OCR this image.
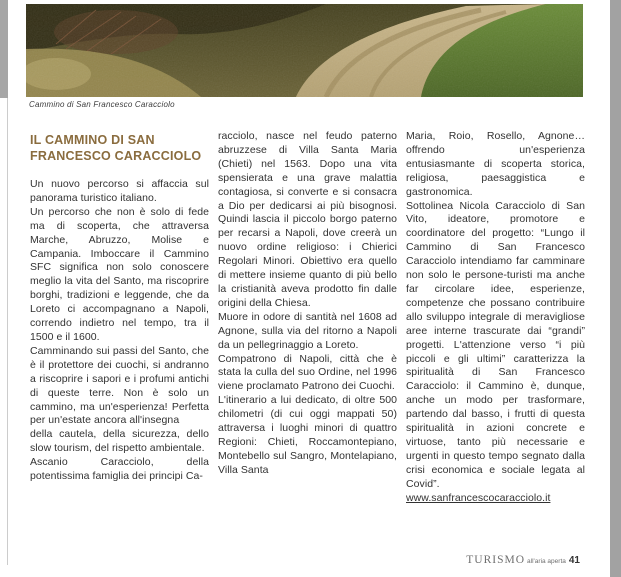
Cammino di San Francesco Caracciolo
IL CAMMINO DI SAN
FRANCESCO CARACCIOLO

Un nuovo percorso si affaccia sul panorama turistico italiano.

Un percorso che non è solo di fede ma di scoperta, che attraversa Marche, Abruzzo, Molise e Campania. Imboccare il Cammino SFC significa non solo conoscere meglio la vita del Santo, ma riscoprire borghi, tradizioni e leggende, che da Loreto ci accompagnano a Napoli, correndo indietro nel tempo, tra il 1500 e il 1600.

Camminando sui passi del Santo, che è il protettore dei cuochi, si andranno a riscoprire i sapori e i profumi antichi di queste terre. Non è solo un cammino, ma un'esperienza! Perfetta per un'estate ancora all'insegna

della cautela, della sicurezza, dello slow tourism, del rispetto ambientale.

Ascanio Caracciolo, della potentissima famiglia dei principi Ca-

racciolo, nasce nel feudo paterno abruzzese di Villa Santa Maria (Chieti) nel 1563. Dopo una vita spensierata e una grave malattia contagiosa, si converte e si consacra a Dio per dedicarsi ai più bisognosi. Quindi lascia il piccolo borgo paterno per recarsi a Napoli, dove creerà un nuovo ordine religioso: i Chierici Regolari Minori. Obiettivo era quello di mettere insieme quanto di più bello la cristianità aveva prodotto fin dalle origini della Chiesa.

Muore in odore di santità nel 1608 ad Agnone, sulla via del ritorno a Napoli da un pellegrinaggio a Loreto.

Compatrono di Napoli, città che è stata la culla del suo Ordine, nel 1996 viene proclamato Patrono dei Cuochi.

L'itinerario a lui dedicato, di oltre 500 chilometri (di cui oggi mappati 50) attraversa i luoghi minori di quattro Regioni: Chieti, Roccamontepiano, Montebello sul Sangro, Montelapiano, Villa Santa

Maria, Roio, Rosello, Agnone… offrendo un'esperienza entusiasmante di scoperta storica, religiosa, paesaggistica e gastronomica.

Sottolinea Nicola Caracciolo di San Vito, ideatore, promotore e coordinatore del progetto: “Lungo il Cammino di San Francesco Caracciolo intendiamo far camminare non solo le persone-turisti ma anche far circolare idee, esperienze, competenze che possano contribuire allo sviluppo integrale di meravigliose aree interne trascurate dai “grandi” progetti. L'attenzione verso “i più piccoli e gli ultimi” caratterizza la spiritualità di San Francesco Caracciolo: il Cammino è, dunque, anche un modo per trasformare, partendo dal basso, i frutti di questa spiritualità in azioni concrete e virtuose, tanto più necessarie e urgenti in questo tempo segnato dalla crisi economica e sociale legata al Covid”.

www.sanfrancescocaracciolo.it
TURISMO all'aria aperta 41
